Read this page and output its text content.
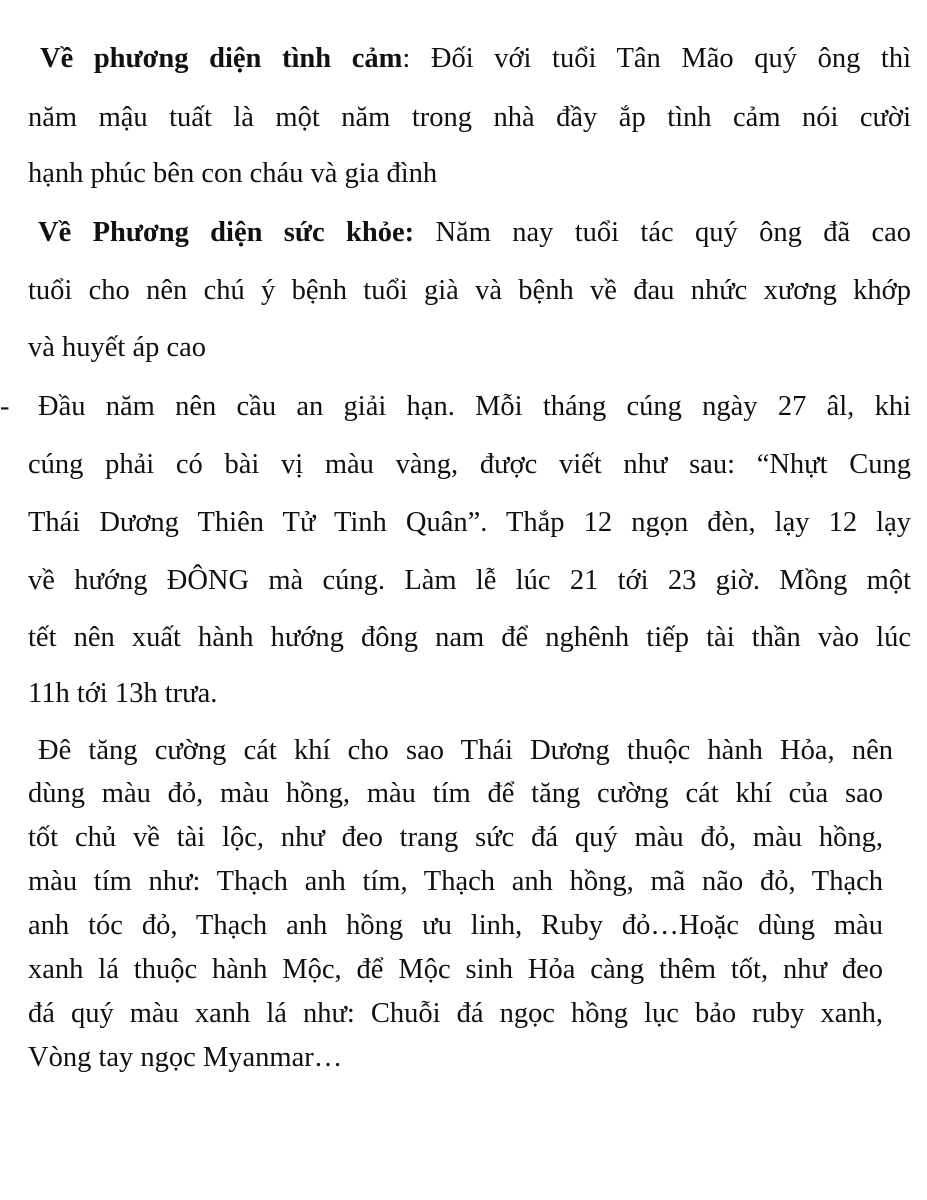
Về phương diện tình cảm: Đối với tuổi Tân Mão quý ông thì
năm mậu tuất là một năm trong nhà đầy ắp tình cảm nói cười
hạnh phúc bên con cháu và gia đình
Về Phương diện sức khỏe: Năm nay tuổi tác quý ông đã cao
tuổi cho nên chú ý bệnh tuổi già và bệnh về đau nhức xương khớp
và huyết áp cao
- Đầu năm nên cầu an giải hạn. Mỗi tháng cúng ngày 27 âl, khi
cúng phải có bài vị màu vàng, được viết như sau: “Nhựt Cung
Thái Dương Thiên Tử Tinh Quân”. Thắp 12 ngọn đèn, lạy 12 lạy
về hướng ĐÔNG mà cúng. Làm lễ lúc 21 tới 23 giờ. Mồng một
tết nên xuất hành hướng đông nam để nghênh tiếp tài thần vào lúc
11h tới 13h trưa.
Đê tăng cường cát khí cho sao Thái Dương thuộc hành Hỏa, nên
dùng màu đỏ, màu hồng, màu tím để tăng cường cát khí của sao
tốt chủ về tài lộc, như đeo trang sức đá quý màu đỏ, màu hồng,
màu tím như: Thạch anh tím, Thạch anh hồng, mã não đỏ, Thạch
anh tóc đỏ, Thạch anh hồng ưu linh, Ruby đỏ…Hoặc dùng màu
xanh lá thuộc hành Mộc, để Mộc sinh Hỏa càng thêm tốt, như đeo
đá quý màu xanh lá như: Chuỗi đá ngọc hồng lục bảo ruby xanh,
Vòng tay ngọc Myanmar…
